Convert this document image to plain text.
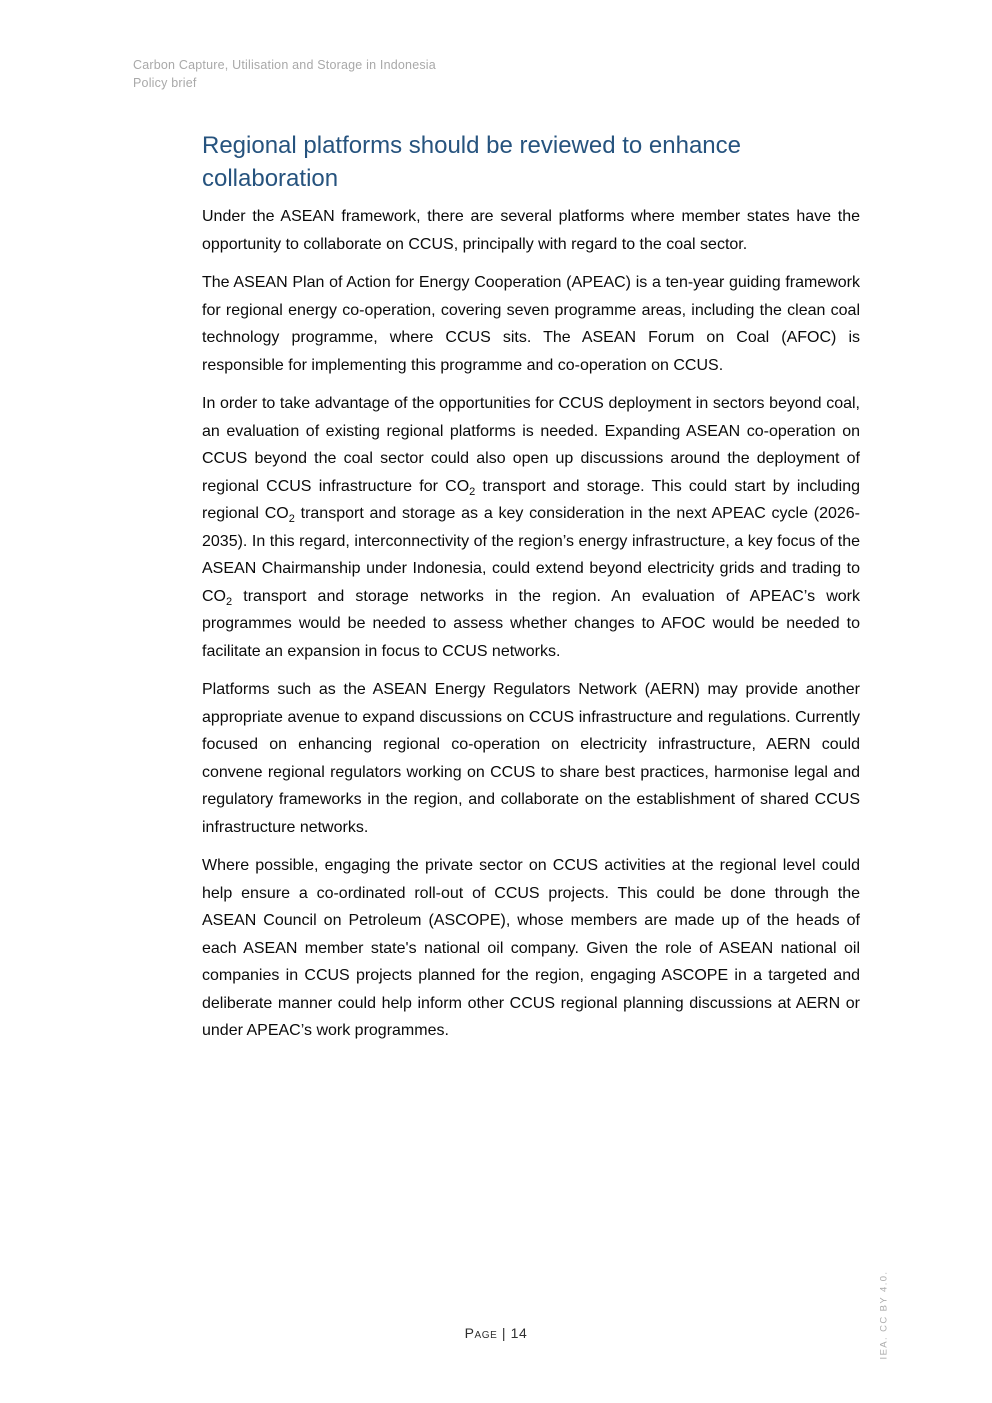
Carbon Capture, Utilisation and Storage in Indonesia
Policy brief
Regional platforms should be reviewed to enhance collaboration

Under the ASEAN framework, there are several platforms where member states have the opportunity to collaborate on CCUS, principally with regard to the coal sector.

The ASEAN Plan of Action for Energy Cooperation (APEAC) is a ten-year guiding framework for regional energy co-operation, covering seven programme areas, including the clean coal technology programme, where CCUS sits. The ASEAN Forum on Coal (AFOC) is responsible for implementing this programme and co-operation on CCUS.

In order to take advantage of the opportunities for CCUS deployment in sectors beyond coal, an evaluation of existing regional platforms is needed. Expanding ASEAN co-operation on CCUS beyond the coal sector could also open up discussions around the deployment of regional CCUS infrastructure for $CO_2$ transport and storage. This could start by including regional $CO_2$ transport and storage as a key consideration in the next APEAC cycle (2026-2035). In this regard, interconnectivity of the region’s energy infrastructure, a key focus of the ASEAN Chairmanship under Indonesia, could extend beyond electricity grids and trading to $CO_2$ transport and storage networks in the region. An evaluation of APEAC’s work programmes would be needed to assess whether changes to AFOC would be needed to facilitate an expansion in focus to CCUS networks.

Platforms such as the ASEAN Energy Regulators Network (AERN) may provide another appropriate avenue to expand discussions on CCUS infrastructure and regulations. Currently focused on enhancing regional co-operation on electricity infrastructure, AERN could convene regional regulators working on CCUS to share best practices, harmonise legal and regulatory frameworks in the region, and collaborate on the establishment of shared CCUS infrastructure networks.

Where possible, engaging the private sector on CCUS activities at the regional level could help ensure a co-ordinated roll-out of CCUS projects. This could be done through the ASEAN Council on Petroleum (ASCOPE), whose members are made up of the heads of each ASEAN member state's national oil company. Given the role of ASEAN national oil companies in CCUS projects planned for the region, engaging ASCOPE in a targeted and deliberate manner could help inform other CCUS regional planning discussions at AERN or under APEAC’s work programmes.

Page | 14	IEA. CC BY 4.0.
